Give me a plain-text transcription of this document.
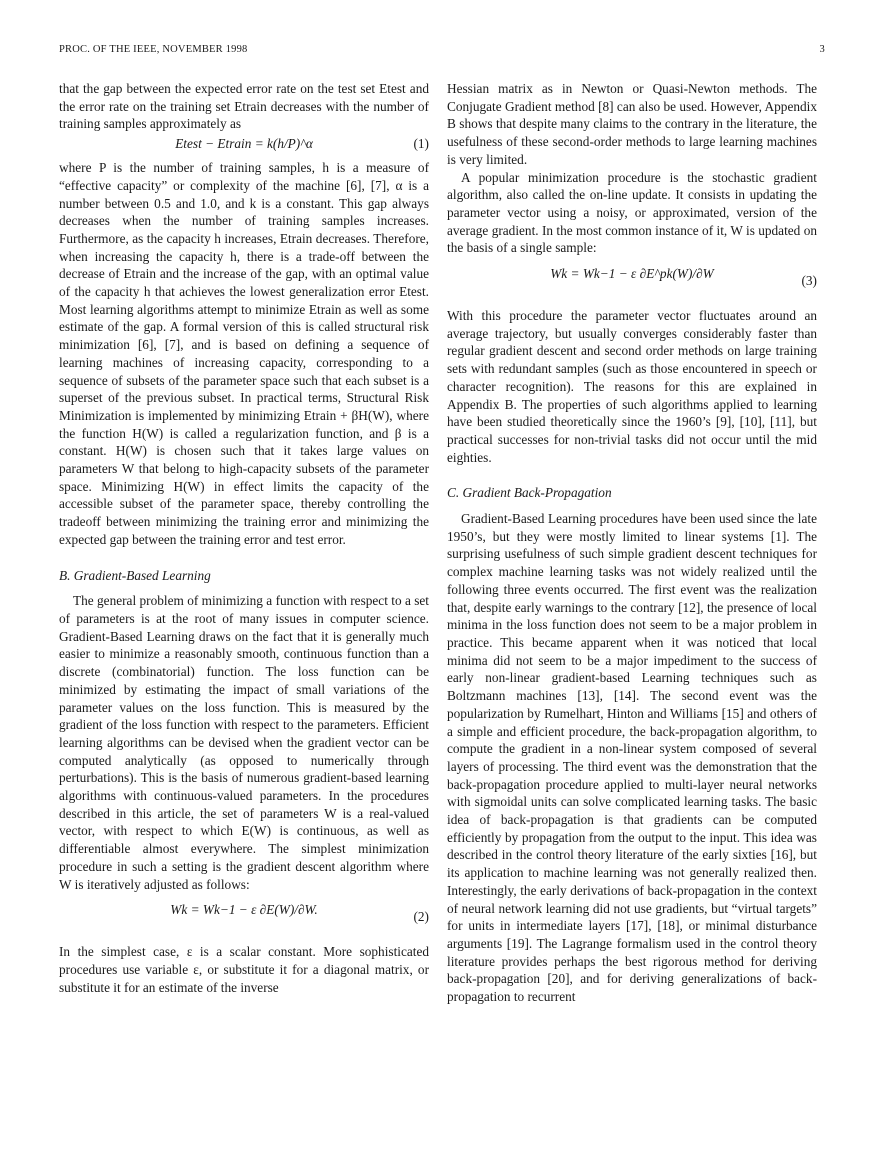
PROC. OF THE IEEE, NOVEMBER 1998	3

that the gap between the expected error rate on the test set Etest and the error rate on the training set Etrain decreases with the number of training samples approximately as

Etest − Etrain = k(h/P)^α	(1)

where P is the number of training samples, h is a measure of “effective capacity” or complexity of the machine [6], [7], α is a number between 0.5 and 1.0, and k is a constant. This gap always decreases when the number of training samples increases. Furthermore, as the capacity h increases, Etrain decreases. Therefore, when increasing the capacity h, there is a trade-off between the decrease of Etrain and the increase of the gap, with an optimal value of the capacity h that achieves the lowest generalization error Etest. Most learning algorithms attempt to minimize Etrain as well as some estimate of the gap. A formal version of this is called structural risk minimization [6], [7], and is based on defining a sequence of learning machines of increasing capacity, corresponding to a sequence of subsets of the parameter space such that each subset is a superset of the previous subset. In practical terms, Structural Risk Minimization is implemented by minimizing Etrain + βH(W), where the function H(W) is called a regularization function, and β is a constant. H(W) is chosen such that it takes large values on parameters W that belong to high-capacity subsets of the parameter space. Minimizing H(W) in effect limits the capacity of the accessible subset of the parameter space, thereby controlling the tradeoff between minimizing the training error and minimizing the expected gap between the training error and test error.

B. Gradient-Based Learning

The general problem of minimizing a function with respect to a set of parameters is at the root of many issues in computer science. Gradient-Based Learning draws on the fact that it is generally much easier to minimize a reasonably smooth, continuous function than a discrete (combinatorial) function. The loss function can be minimized by estimating the impact of small variations of the parameter values on the loss function. This is measured by the gradient of the loss function with respect to the parameters. Efficient learning algorithms can be devised when the gradient vector can be computed analytically (as opposed to numerically through perturbations). This is the basis of numerous gradient-based learning algorithms with continuous-valued parameters. In the procedures described in this article, the set of parameters W is a real-valued vector, with respect to which E(W) is continuous, as well as differentiable almost everywhere. The simplest minimization procedure in such a setting is the gradient descent algorithm where W is iteratively adjusted as follows:

Wk = Wk−1 − ε ∂E(W)/∂W.	(2)

In the simplest case, ε is a scalar constant. More sophisticated procedures use variable ε, or substitute it for a diagonal matrix, or substitute it for an estimate of the inverse

Hessian matrix as in Newton or Quasi-Newton methods. The Conjugate Gradient method [8] can also be used. However, Appendix B shows that despite many claims to the contrary in the literature, the usefulness of these second-order methods to large learning machines is very limited.

A popular minimization procedure is the stochastic gradient algorithm, also called the on-line update. It consists in updating the parameter vector using a noisy, or approximated, version of the average gradient. In the most common instance of it, W is updated on the basis of a single sample:

Wk = Wk−1 − ε ∂E^pk(W)/∂W	(3)

With this procedure the parameter vector fluctuates around an average trajectory, but usually converges considerably faster than regular gradient descent and second order methods on large training sets with redundant samples (such as those encountered in speech or character recognition). The reasons for this are explained in Appendix B. The properties of such algorithms applied to learning have been studied theoretically since the 1960’s [9], [10], [11], but practical successes for non-trivial tasks did not occur until the mid eighties.

C. Gradient Back-Propagation

Gradient-Based Learning procedures have been used since the late 1950’s, but they were mostly limited to linear systems [1]. The surprising usefulness of such simple gradient descent techniques for complex machine learning tasks was not widely realized until the following three events occurred. The first event was the realization that, despite early warnings to the contrary [12], the presence of local minima in the loss function does not seem to be a major problem in practice. This became apparent when it was noticed that local minima did not seem to be a major impediment to the success of early non-linear gradient-based Learning techniques such as Boltzmann machines [13], [14]. The second event was the popularization by Rumelhart, Hinton and Williams [15] and others of a simple and efficient procedure, the back-propagation algorithm, to compute the gradient in a non-linear system composed of several layers of processing. The third event was the demonstration that the back-propagation procedure applied to multi-layer neural networks with sigmoidal units can solve complicated learning tasks. The basic idea of back-propagation is that gradients can be computed efficiently by propagation from the output to the input. This idea was described in the control theory literature of the early sixties [16], but its application to machine learning was not generally realized then. Interestingly, the early derivations of back-propagation in the context of neural network learning did not use gradients, but “virtual targets” for units in intermediate layers [17], [18], or minimal disturbance arguments [19]. The Lagrange formalism used in the control theory literature provides perhaps the best rigorous method for deriving back-propagation [20], and for deriving generalizations of back-propagation to recurrent
